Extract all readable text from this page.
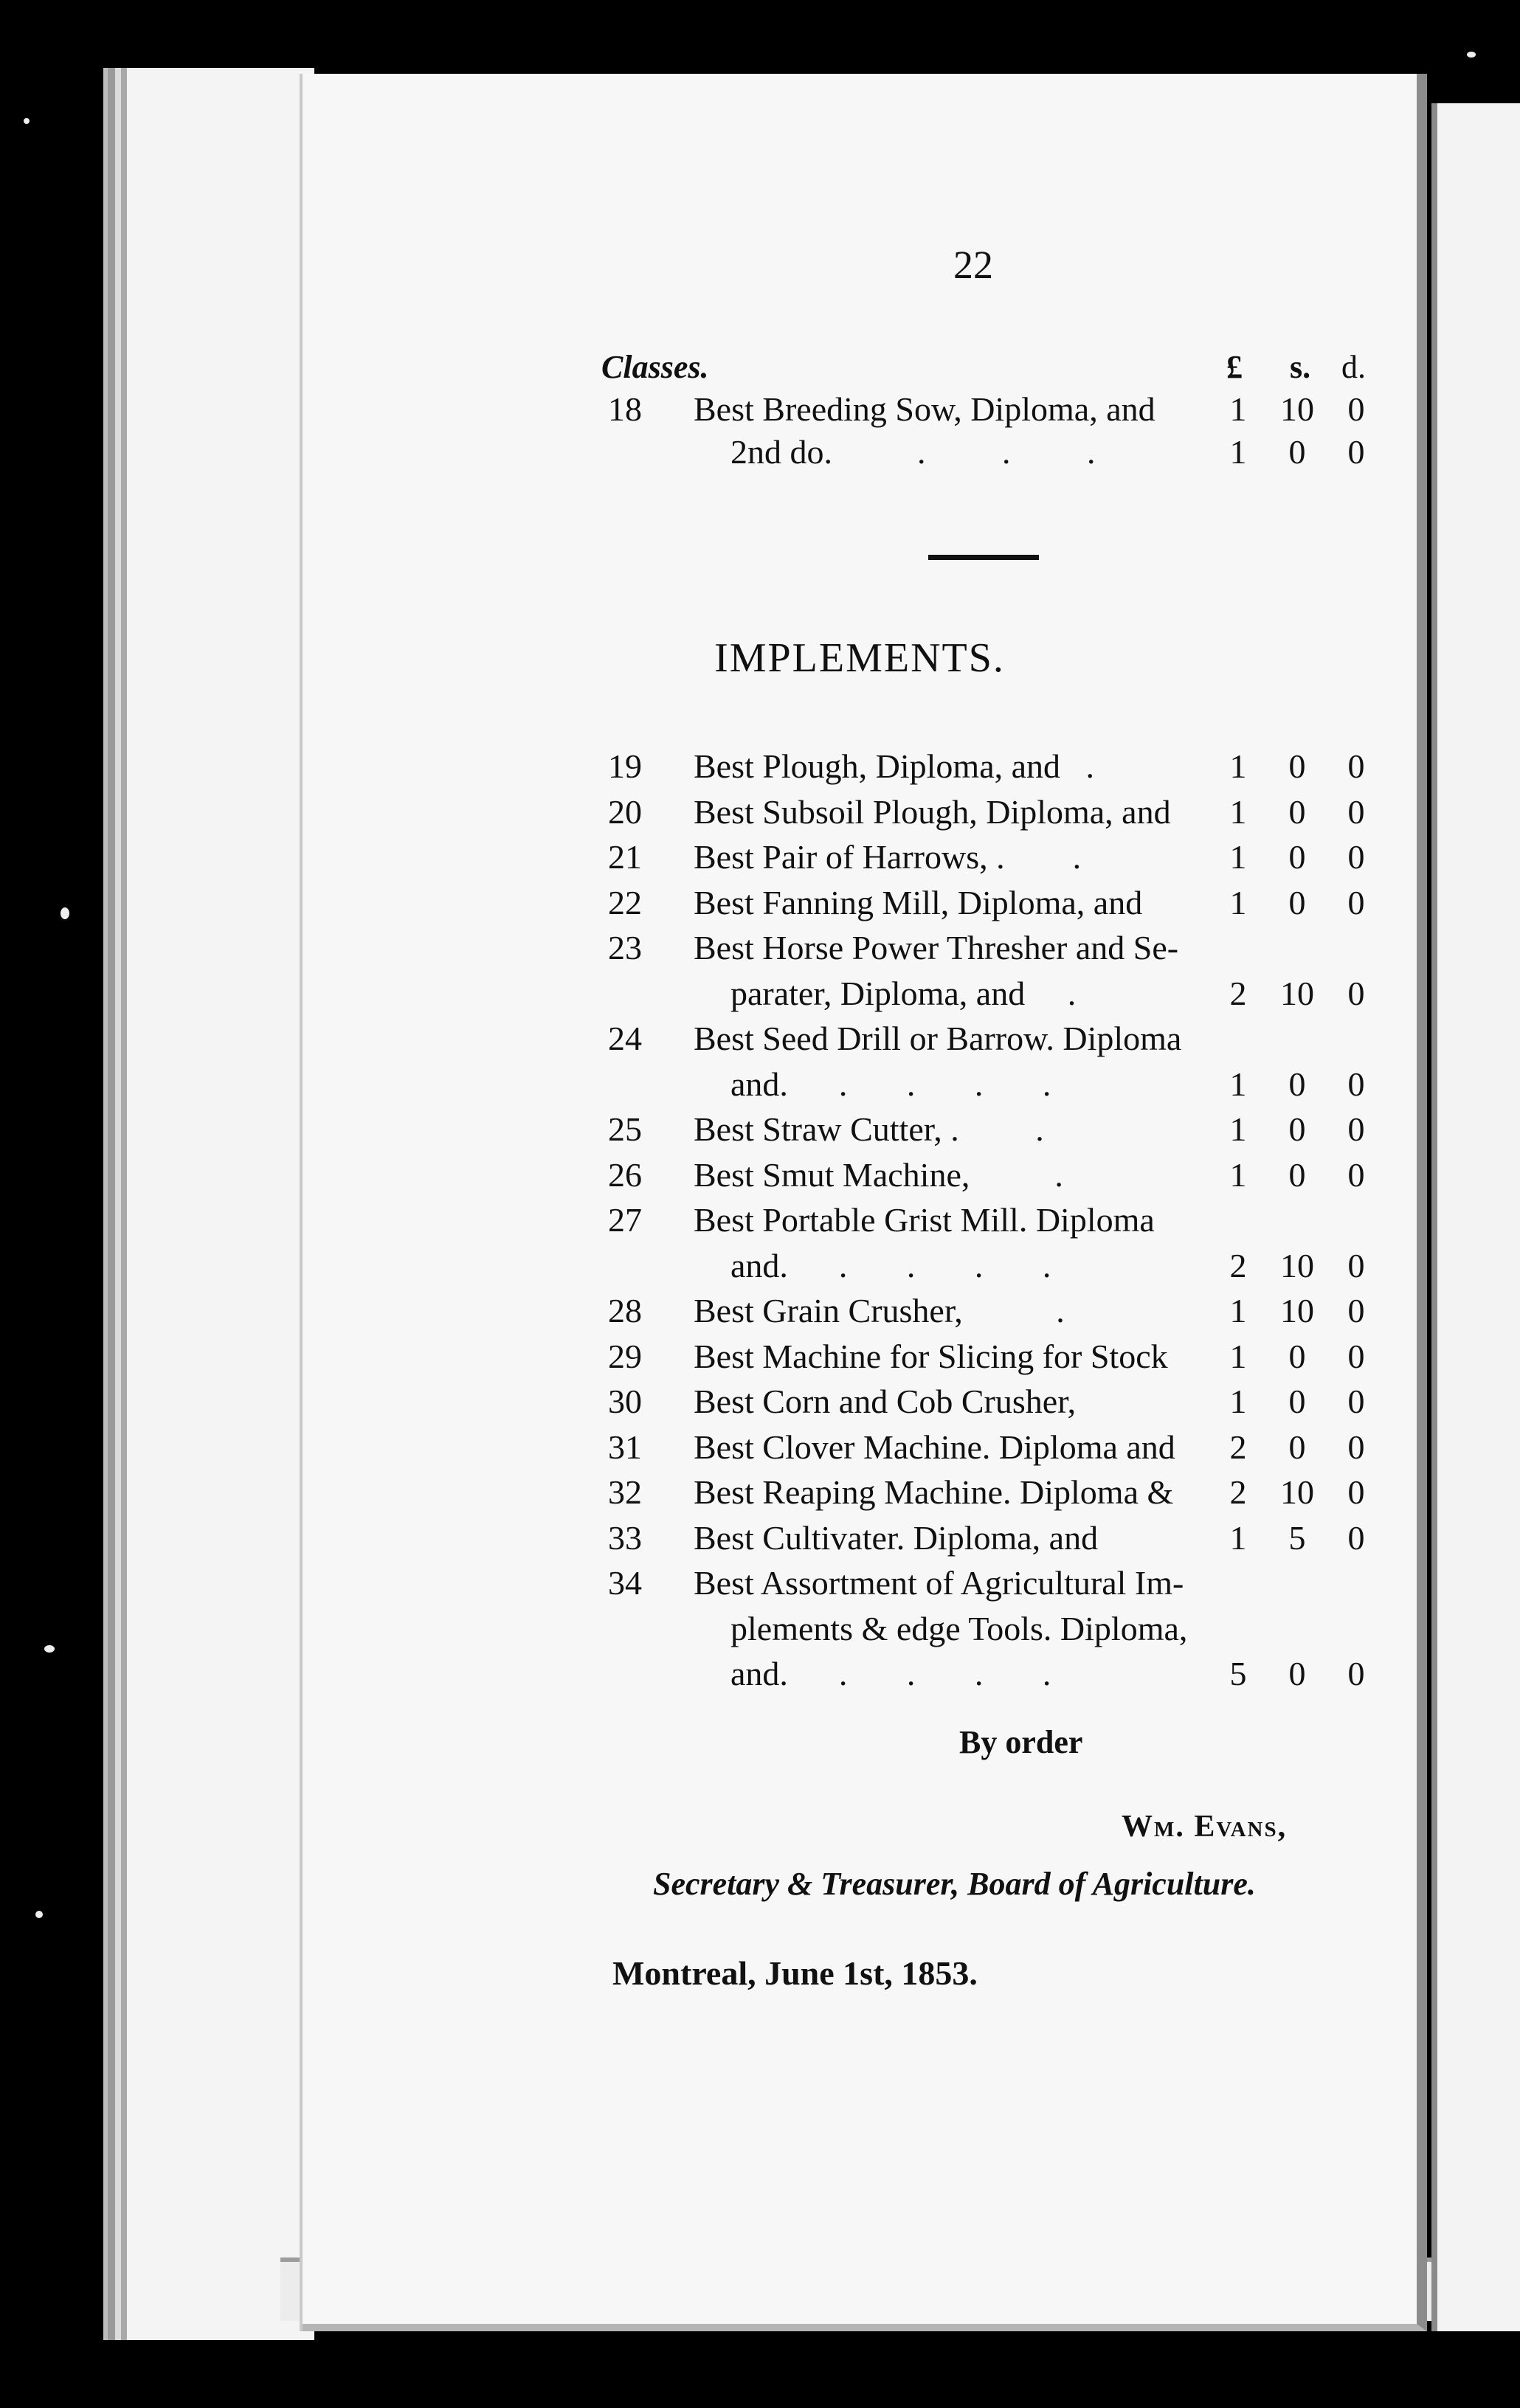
22
Classes.	£ s. d.
18 Best Breeding Sow, Diploma, and	1 10 0
2nd do.          .         .         .	1	0	0
IMPLEMENTS.
19 Best Plough, Diploma, and   .	1	0	0
20 Best Subsoil Plough, Diploma, and	1	0	0
21 Best Pair of Harrows, .        .	1	0	0
22 Best Fanning Mill, Diploma, and	1	0	0
23 Best Horse Power Thresher and Se-
parater, Diploma, and     .	2 10 0
24 Best Seed Drill or Barrow. Diploma
and.      .       .       .       .	1	0	0
25 Best Straw Cutter, .         .	1	0	0
26 Best Smut Machine,          .	1	0	0
27 Best Portable Grist Mill. Diploma
and.      .       .       .       .	2 10 0
28 Best Grain Crusher,           .	1 10 0
29 Best Machine for Slicing for Stock	1	0	0
30 Best Corn and Cob Crusher,	1	0	0
31 Best Clover Machine. Diploma and	2	0	0
32 Best Reaping Machine. Diploma &	2 10 0
33 Best Cultivater. Diploma, and	1	5	0
34 Best Assortment of Agricultural Im-
plements & edge Tools. Diploma,
and.      .       .       .       .	5	0	0
By order
Wm. Evans,
Secretary & Treasurer, Board of Agriculture.
Montreal, June 1st, 1853.
